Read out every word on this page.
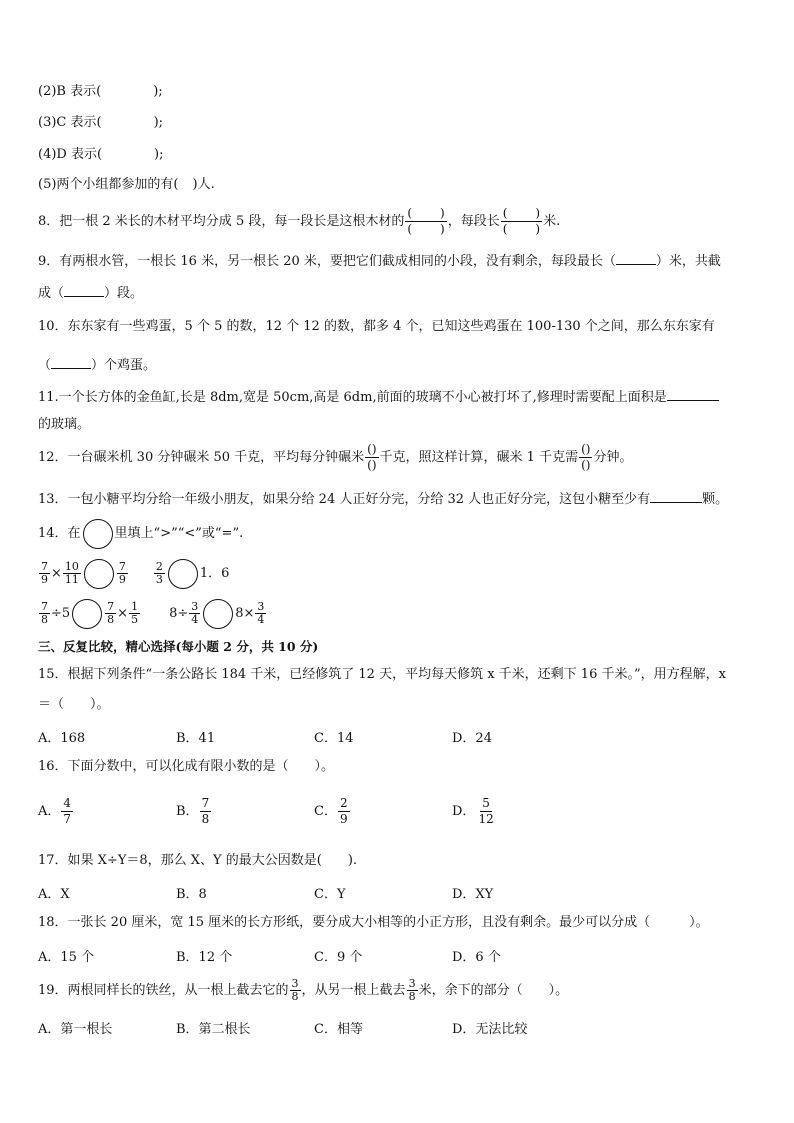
(2)B 表示(	);
(3)C 表示(	);
(4)D 表示(	);
(5)两个小组都参加的有( )人.
8．把一根 2 米长的木材平均分成 5 段，每一段长是这根木材的 $\frac{( )}{( )}$ ，每段长 $\frac{( )}{( )}$ 米.
9．有两根水管，一根长 16 米，另一根长 20 米，要把它们截成相同的小段，没有剩余，每段最长（	）米，共截
成（	）段。
10．东东家有一些鸡蛋，5 个 5 的数，12 个 12 的数，都多 4 个，已知这些鸡蛋在 100-130 个之间，那么东东家有
（	）个鸡蛋。
11.一个长方体的金鱼缸,长是 8dm,宽是 50cm,高是 6dm,前面的玻璃不小心被打坏了,修理时需要配上面积是
的玻璃。
12．一台碾米机 30 分钟碾米 50 千克，平均每分钟碾米 $\frac{()}{()}$ 千克，照这样计算，碾米 1 千克需 $\frac{()}{()}$ 分钟。
13．一包小糖平均分给一年级小朋友，如果分给 24 人正好分完，分给 32 人也正好分完，这包小糖至少有	颗。
14．在	里填上“>”“<”或“=”.
$\frac{7}{9} \times \frac{10}{11}$	$\frac{7}{9} \frac{2}{3}$	1．6
$\frac{7}{8} \div 5$	$\frac{7}{8} \times \frac{1}{5} 8\div \frac{3}{4}$	$8\times \frac{3}{4}$
三、反复比较，精心选择(每小题 2 分，共 10 分)
15．根据下列条件“一条公路长 184 千米，已经修筑了 12 天，平均每天修筑 x 千米，还剩下 16 千米。”，用方程解，x
＝（　　）。
A．168	B．41	C．14	D．24
16．下面分数中，可以化成有限小数的是（　　）。
A． $\frac{4}{7}$	B． $\frac{7}{8}$	C． $\frac{2}{9}$	D． $\frac{5}{12}$
17．如果 X÷Y＝8，那么 X、Y 的最大公因数是(　　).
A．X	B．8	C．Y	D．XY
18．一张长 20 厘米，宽 15 厘米的长方形纸，要分成大小相等的小正方形，且没有剩余。最少可以分成（　　　）。
A．15 个	B．12 个	C．9 个	D．6 个
19．两根同样长的铁丝，从一根上截去它的 $\frac{3}{8}$ ，从另一根上截去 $\frac{3}{8}$ 米，余下的部分（　　）。
A．第一根长	B．第二根长	C．相等	D．无法比较
